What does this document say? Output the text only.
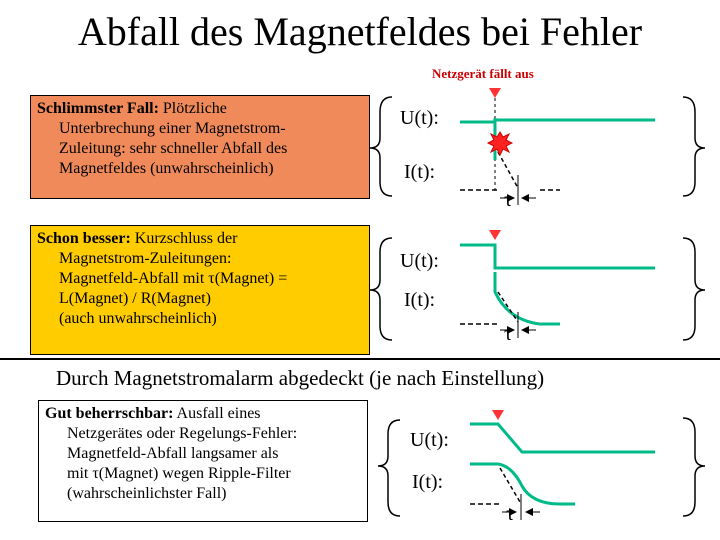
Abfall des Magnetfeldes bei Fehler
Netzgerät fällt aus
Schlimmster Fall: Plötzliche
Unterbrechung einer Magnetstrom-
Zuleitung: sehr schneller Abfall des
Magnetfeldes (unwahrscheinlich)
Schon besser: Kurzschluss der
Magnetstrom-Zuleitungen:
Magnetfeld-Abfall mit τ(Magnet) =
L(Magnet) / R(Magnet)
(auch unwahrscheinlich)
Durch Magnetstromalarm abgedeckt (je nach Einstellung)
Gut beherrschbar: Ausfall eines
Netzgerätes oder Regelungs-Fehler:
Magnetfeld-Abfall langsamer als
mit τ(Magnet) wegen Ripple-Filter
(wahrscheinlichster Fall)
U(t):
I(t):
τ
U(t):
I(t):
τ
U(t):
I(t):
τ
